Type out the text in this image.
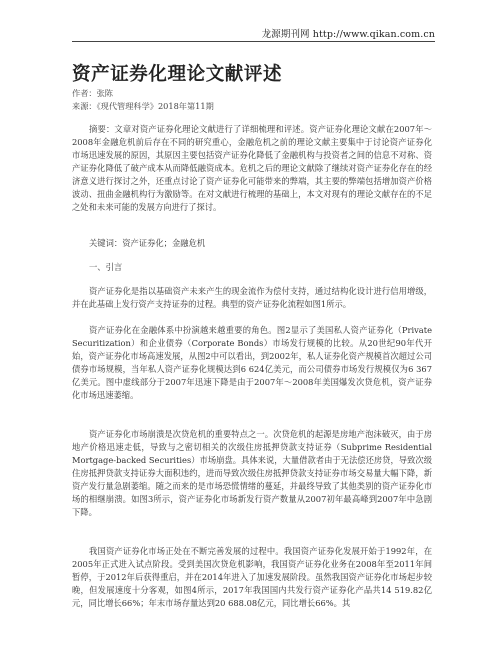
龙源期刊网 http://www.qikan.com.cn
资产证券化理论文献评述
作者：张陈
来源：《现代管理科学》2018年第11期

摘要：文章对资产证券化理论文献进行了详细梳理和评述。资产证券化理论文献在2007年～2008年金融危机前后存在不同的研究重心，金融危机之前的理论文献主要集中于讨论资产证券化市场迅速发展的原因，其原因主要包括资产证券化降低了金融机构与投资者之间的信息不对称、资产证券化降低了破产成本从而降低融资成本。危机之后的理论文献除了继续对资产证券化存在的经济意义进行探讨之外，还重点讨论了资产证券化可能带来的弊端，其主要的弊端包括增加资产价格波动、扭曲金融机构行为激励等。在对文献进行梳理的基础上，本文对现有的理论文献存在的不足之处和未来可能的发展方向进行了探讨。

关键词：资产证券化；金融危机
一、引言

资产证券化是指以基础资产未来产生的现金流作为偿付支持，通过结构化设计进行信用增级，并在此基础上发行资产支持证券的过程。典型的资产证券化流程如图1所示。

资产证券化在金融体系中扮演越来越重要的角色。图2显示了美国私人资产证券化（Private Securitization）和企业债券（Corporate Bonds）市场发行规模的比较。从20世纪90年代开始，资产证券化市场高速发展，从图2中可以看出，到2002年，私人证券化资产规模首次超过公司债券市场规模，当年私人资产证券化规模达到6 624亿美元，而公司债券市场发行规模仅为6 367亿美元。图中虚线部分于2007年迅速下降是由于2007年～2008年美国爆发次贷危机，资产证券化市场迅速萎缩。

资产证券化市场崩溃是次贷危机的重要特点之一。次贷危机的起源是房地产泡沫破灭，由于房地产价格迅速走低，导致与之密切相关的次级住房抵押贷款支持证券（Subprime Residential Mortgage-backed Securities）市场崩盘。具体来说，大量借款者由于无法偿还房贷，导致次级住房抵押贷款支持证券大面积违约，进而导致次级住房抵押贷款支持证券市场交易量大幅下降，新资产发行量急剧萎缩。随之而来的是市场恐慌情绪的蔓延，并最终导致了其他类别的资产证券化市场的相继崩溃。如图3所示，资产证券化市场新发行资产数量从2007初年最高峰到2007年中急剧下降。

我国资产证券化市场正处在不断完善发展的过程中。我国资产证券化发展开始于1992年，在2005年正式进入试点阶段。受到美国次贷危机影响，我国资产证券化业务在2008年至2011年间暂停，于2012年后获得重启，并在2014年进入了加速发展阶段。虽然我国资产证券化市场起步较晚，但发展速度十分客观，如图4所示，2017年我国国内共发行资产证券化产品共14 519.82亿元，同比增长66%；年末市场存量达到20 688.08亿元，同比增长66%。其
